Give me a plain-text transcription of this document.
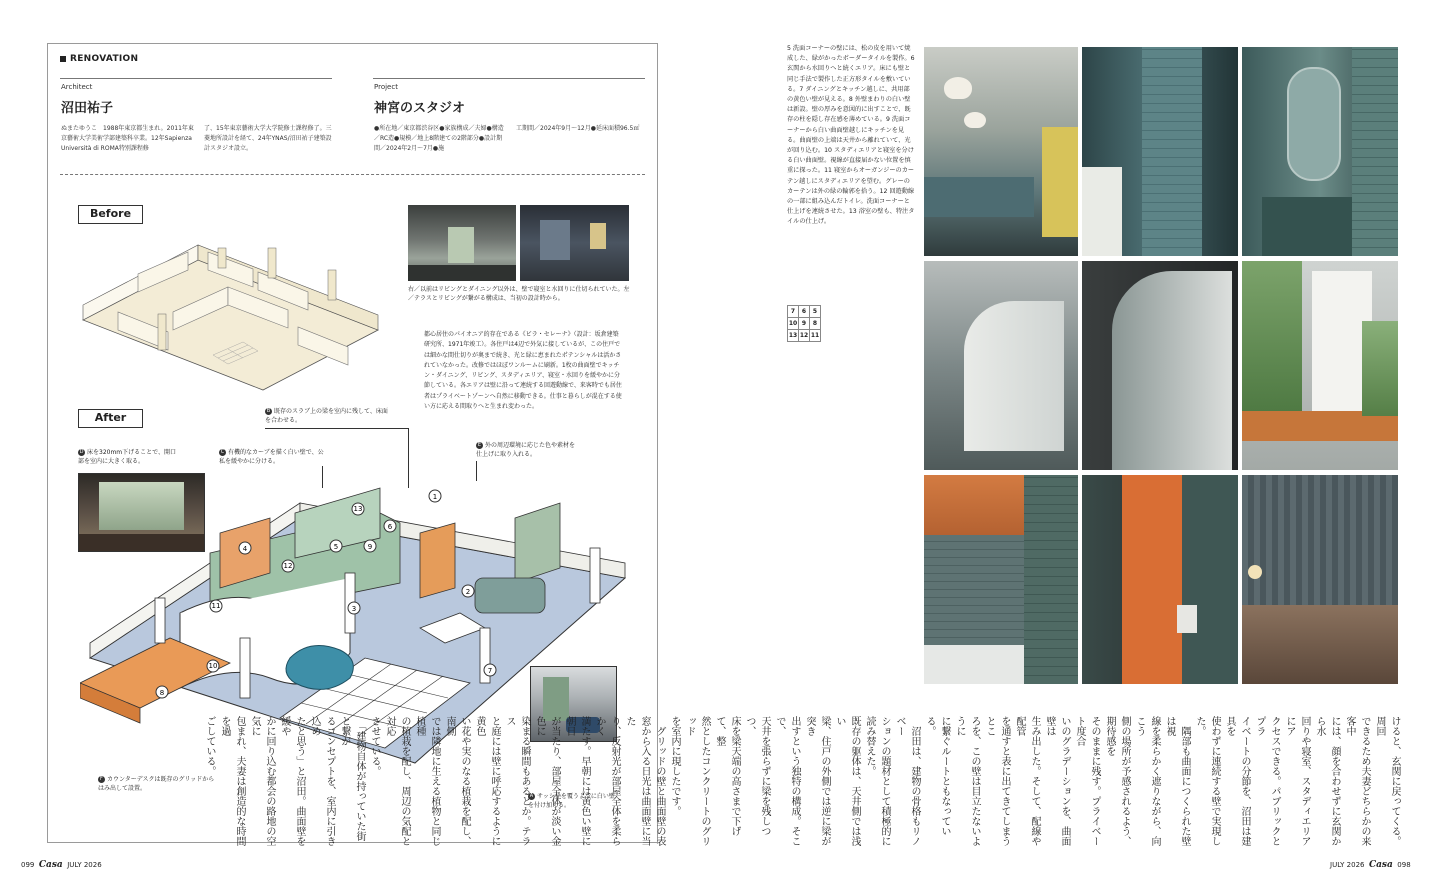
RENOVATION
Architect
沼田祐子
ぬまたゆうこ　1988年東京都生まれ。2011年東京藝術大学美術学部建築科卒業。12年Sapienza Università di ROMA特別課程修
了、15年東京藝術大学大学院修士課程修了。三菱地所設計を経て、24年YNAS/沼田祐子建築設計スタジオ設立。
Project
神宮のスタジオ
●所在地／東京都渋谷区●家族構成／夫婦●構造／RC造●規模／地上8階建ての2階部分●設計期間／2024年2月～7月●施
工期間／2024年9月～12月●延床面積96.5㎡
Before
右／以前はリビングとダイニング以外は、壁で寝室と水回りに仕切られていた。左／テラスとリビングが繋がる構成は、当初の設計時から。
都心居住のパイオニア的存在である《ビラ・セレーナ》（設計：坂倉建築研究所、1971年竣工）。各住戸は4辺で外気に接しているが、この住戸では細かな間仕切りが奥まで続き、光と緑に恵まれたポテンシャルは活かされていなかった。改修ではほぼワンルームに刷新。1枚の曲面壁でキッチン・ダイニング、リビング、スタディエリア、寝室・水回りを緩やかに分節している。各エリアは壁に沿って連続する回遊動線で、来客時でも居住者はプライベートゾーンへ自然に移動できる。仕事と暮らしが混在する使い方に応える間取りへと生まれ変わった。
After	B 既存のスラブ上の梁を室内に残して、床面を合わせる。
D 床を320mm下げることで、開口部を室内に大きく取る。
C 有機的なカーブを描く白い壁で、公私を緩やかに分ける。
E 外の周辺環境に応じた色や素材を仕上げに取り入れる。
1
2
3
4	5
6
7
8
9
10
11
12
13
F カウンターデスクは既存のグリッドからはみ出して設置。
A サッシ枠を覆うように白い壁を付け加える。
099 Casa JULY 2026
5 洗面コーナーの壁には、松の皮を用いて焼成した、緑がかったボーダータイルを製作。6 玄関から水回りへと続くエリア。床にも壁と同じ手法で製作した正方形タイルを敷いている。7 ダイニングとキッチン越しに、共用部の黄色い壁が見える。8 外壁まわりの白い壁は新設。壁の厚みを意図的に出すことで、既存の柱を隠し存在感を薄めている。9 洗面コーナーから白い曲面壁越しにキッチンを見る。曲面壁の上端は天井から離れていて、光が回り込む。10 スタディエリアと寝室を分ける白い曲面壁。視線が直接届かない位置を慎重に探った。11 寝室からオーガンジーのカーテン越しにスタディエリアを望む。グレーのカーテンは外の緑の輪郭を拾う。12 回遊動線の一部に組み込んだトイレ。洗面コーナーと仕上げを連続させた。13 浴室の壁も、特注タイルの仕上げ。
7	6	5
10	9	8
13	12	11
けると、玄関に戻ってくる。周回
できるため夫妻どちらかの来客中
には、顔を合わせずに玄関から水
回りや寝室、スタディエリアにア
クセスできる。パブリックとプラ
イベートの分節を、沼田は建具を
使わずに連続する壁で実現した。
　隅部も曲面につくられた壁は視
線を柔らかく遮りながら、向こう
側の場所が予感されるよう、期待感を
そのままに残す。プライベート度合
いのグラデーションを、曲面壁は
生み出した。そして、配線や配管
を通すと表に出てきてしまうとこ
ろを、この壁は目立たないように
に繋ぐルートともなっている。
　沼田は、建物の骨格もリノベー
ションの題材として積極的に読み替えた。
既存の躯体は、天井側では浅い
梁、住戸の外側では逆に梁が突き
出すという独特の構成。そこで、
天井を張らずに梁を残しつつ、
床を梁天端の高さまで下げて、整
然としたコンクリートのグリッド
を室内に現したです。
　グリッドの壁と曲面壁の表
窓から入る日光は曲面壁に当た
り、反射光が部屋全体を柔らかく
満たす。早朝には黄色い壁に朝日
が当たり、部屋全体が淡い金色に
染まる瞬間もあるとか。テラス
と庭には壁に呼応するように黄色
い花や実のなる植栽を配し、南側
では隣地に生える植物と同じ植種
の植栽を配し、周辺の気配と対応
させている。
　「建物自体が持っていた街と繋が
るコンセプトを、室内に引き込め
たと思う」と沼田。曲面壁を緩や
かに回り込む都会の路地の空気に
包まれ、夫妻は創造的な時間を過
ごしている。
JULY 2026 Casa 098
